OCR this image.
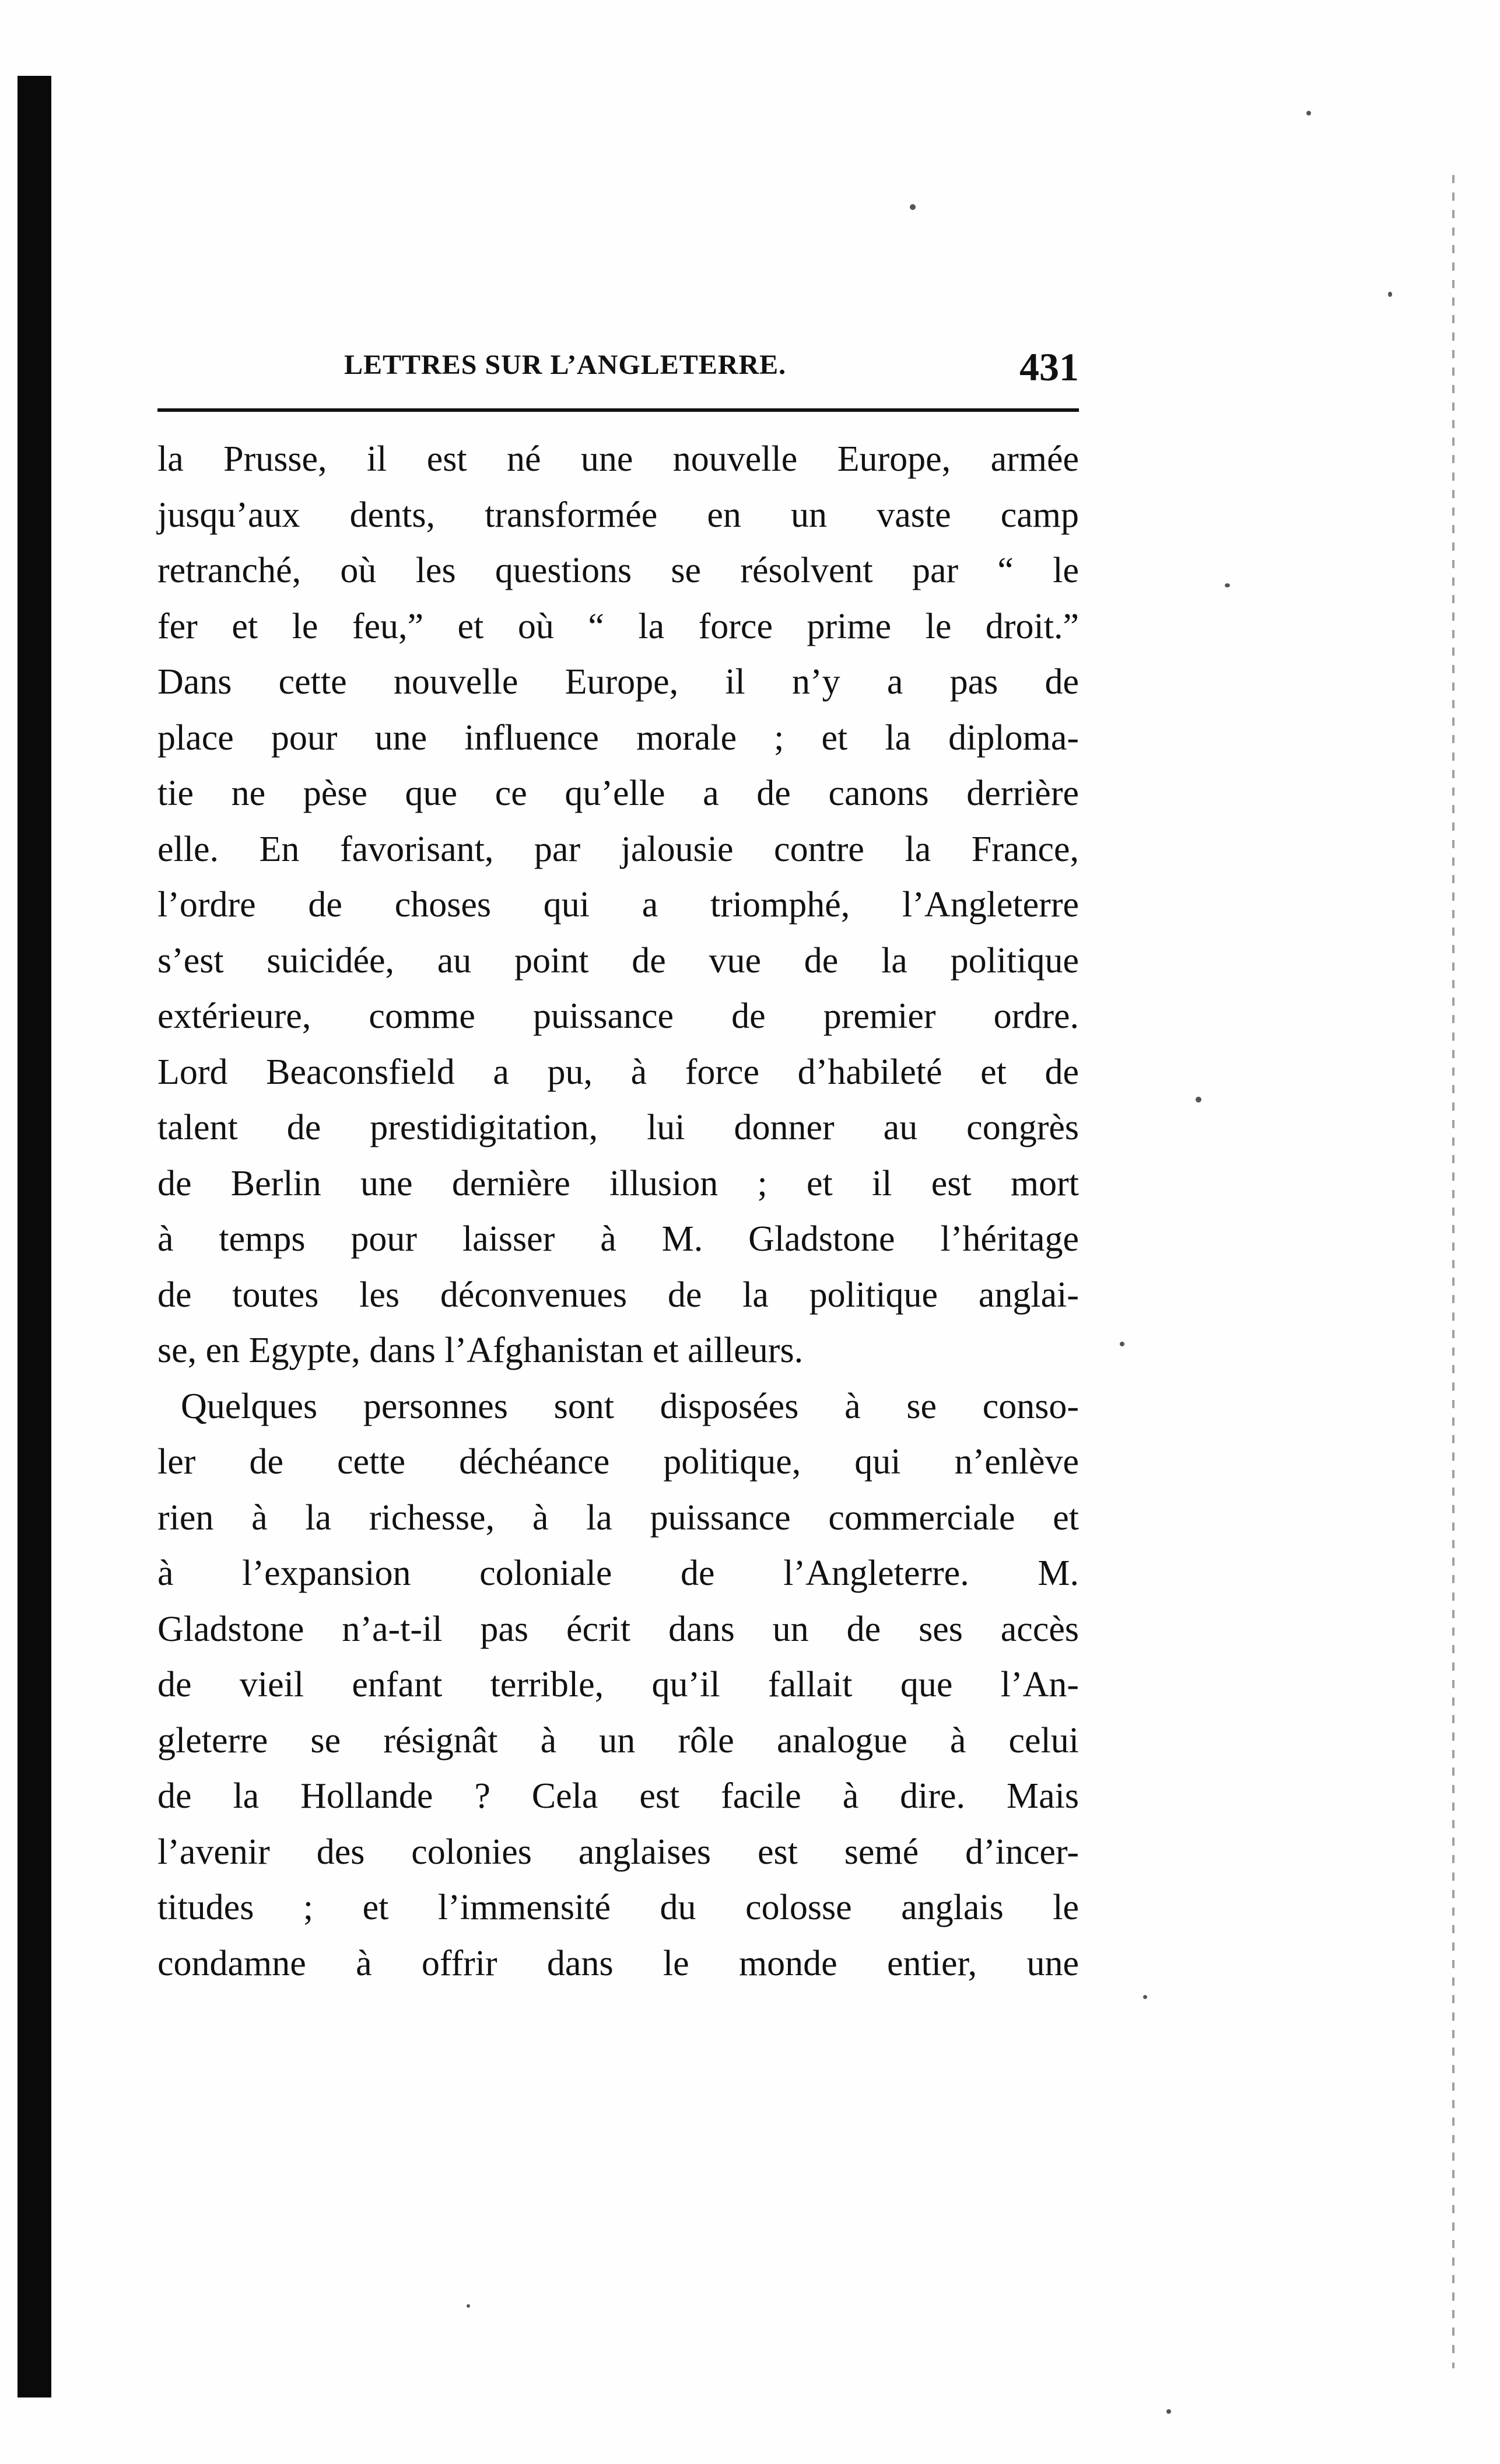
LETTRES SUR L’ANGLETERRE.	431
la Prusse, il est né une nouvelle Europe, armée
jusqu’aux dents, transformée en un vaste camp
retranché, où les questions se résolvent par “ le
fer et le feu,” et où “ la force prime le droit.”
Dans cette nouvelle Europe, il n’y a pas de
place pour une influence morale ; et la diploma-
tie ne pèse que ce qu’elle a de canons derrière
elle. En favorisant, par jalousie contre la France,
l’ordre de choses qui a triomphé, l’Angleterre
s’est suicidée, au point de vue de la politique
extérieure, comme puissance de premier ordre.
Lord Beaconsfield a pu, à force d’habileté et de
talent de prestidigitation, lui donner au congrès
de Berlin une dernière illusion ; et il est mort
à temps pour laisser à M. Gladstone l’héritage
de toutes les déconvenues de la politique anglai-
se, en Egypte, dans l’Afghanistan et ailleurs.
Quelques personnes sont disposées à se conso-
ler de cette déchéance politique, qui n’enlève
rien à la richesse, à la puissance commerciale et
à l’expansion coloniale de l’Angleterre. M.
Gladstone n’a-t-il pas écrit dans un de ses accès
de vieil enfant terrible, qu’il fallait que l’An-
gleterre se résignât à un rôle analogue à celui
de la Hollande ? Cela est facile à dire. Mais
l’avenir des colonies anglaises est semé d’incer-
titudes ; et l’immensité du colosse anglais le
condamne à offrir dans le monde entier, une
